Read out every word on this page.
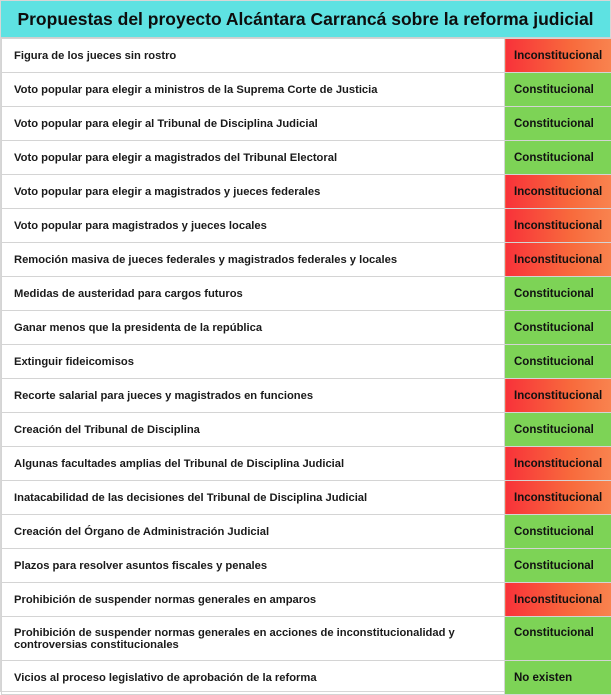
Propuestas del proyecto Alcántara Carrancá sobre la reforma judicial
Figura de los jueces sin rostro	Inconstitucional
Voto popular para elegir a ministros de la Suprema Corte de Justicia	Constitucional
Voto popular para elegir al Tribunal de Disciplina Judicial	Constitucional
Voto popular para elegir a magistrados del Tribunal Electoral	Constitucional
Voto popular para elegir a magistrados y jueces federales	Inconstitucional
Voto popular para magistrados y jueces locales	Inconstitucional
Remoción masiva de jueces federales y magistrados federales y locales	Inconstitucional
Medidas de austeridad para cargos futuros	Constitucional
Ganar menos que la presidenta de la república	Constitucional
Extinguir fideicomisos	Constitucional
Recorte salarial para jueces y magistrados en funciones	Inconstitucional
Creación del Tribunal de Disciplina	Constitucional
Algunas facultades amplias del Tribunal de Disciplina Judicial	Inconstitucional
Inatacabilidad de las decisiones del Tribunal de Disciplina Judicial	Inconstitucional
Creación del Órgano de Administración Judicial	Constitucional
Plazos para resolver asuntos fiscales y penales	Constitucional
Prohibición de suspender normas generales en amparos	Inconstitucional
Prohibición de suspender normas generales en acciones de inconstitucionalidad y controversias constitucionales	Constitucional
Vicios al proceso legislativo de aprobación de la reforma	No existen
